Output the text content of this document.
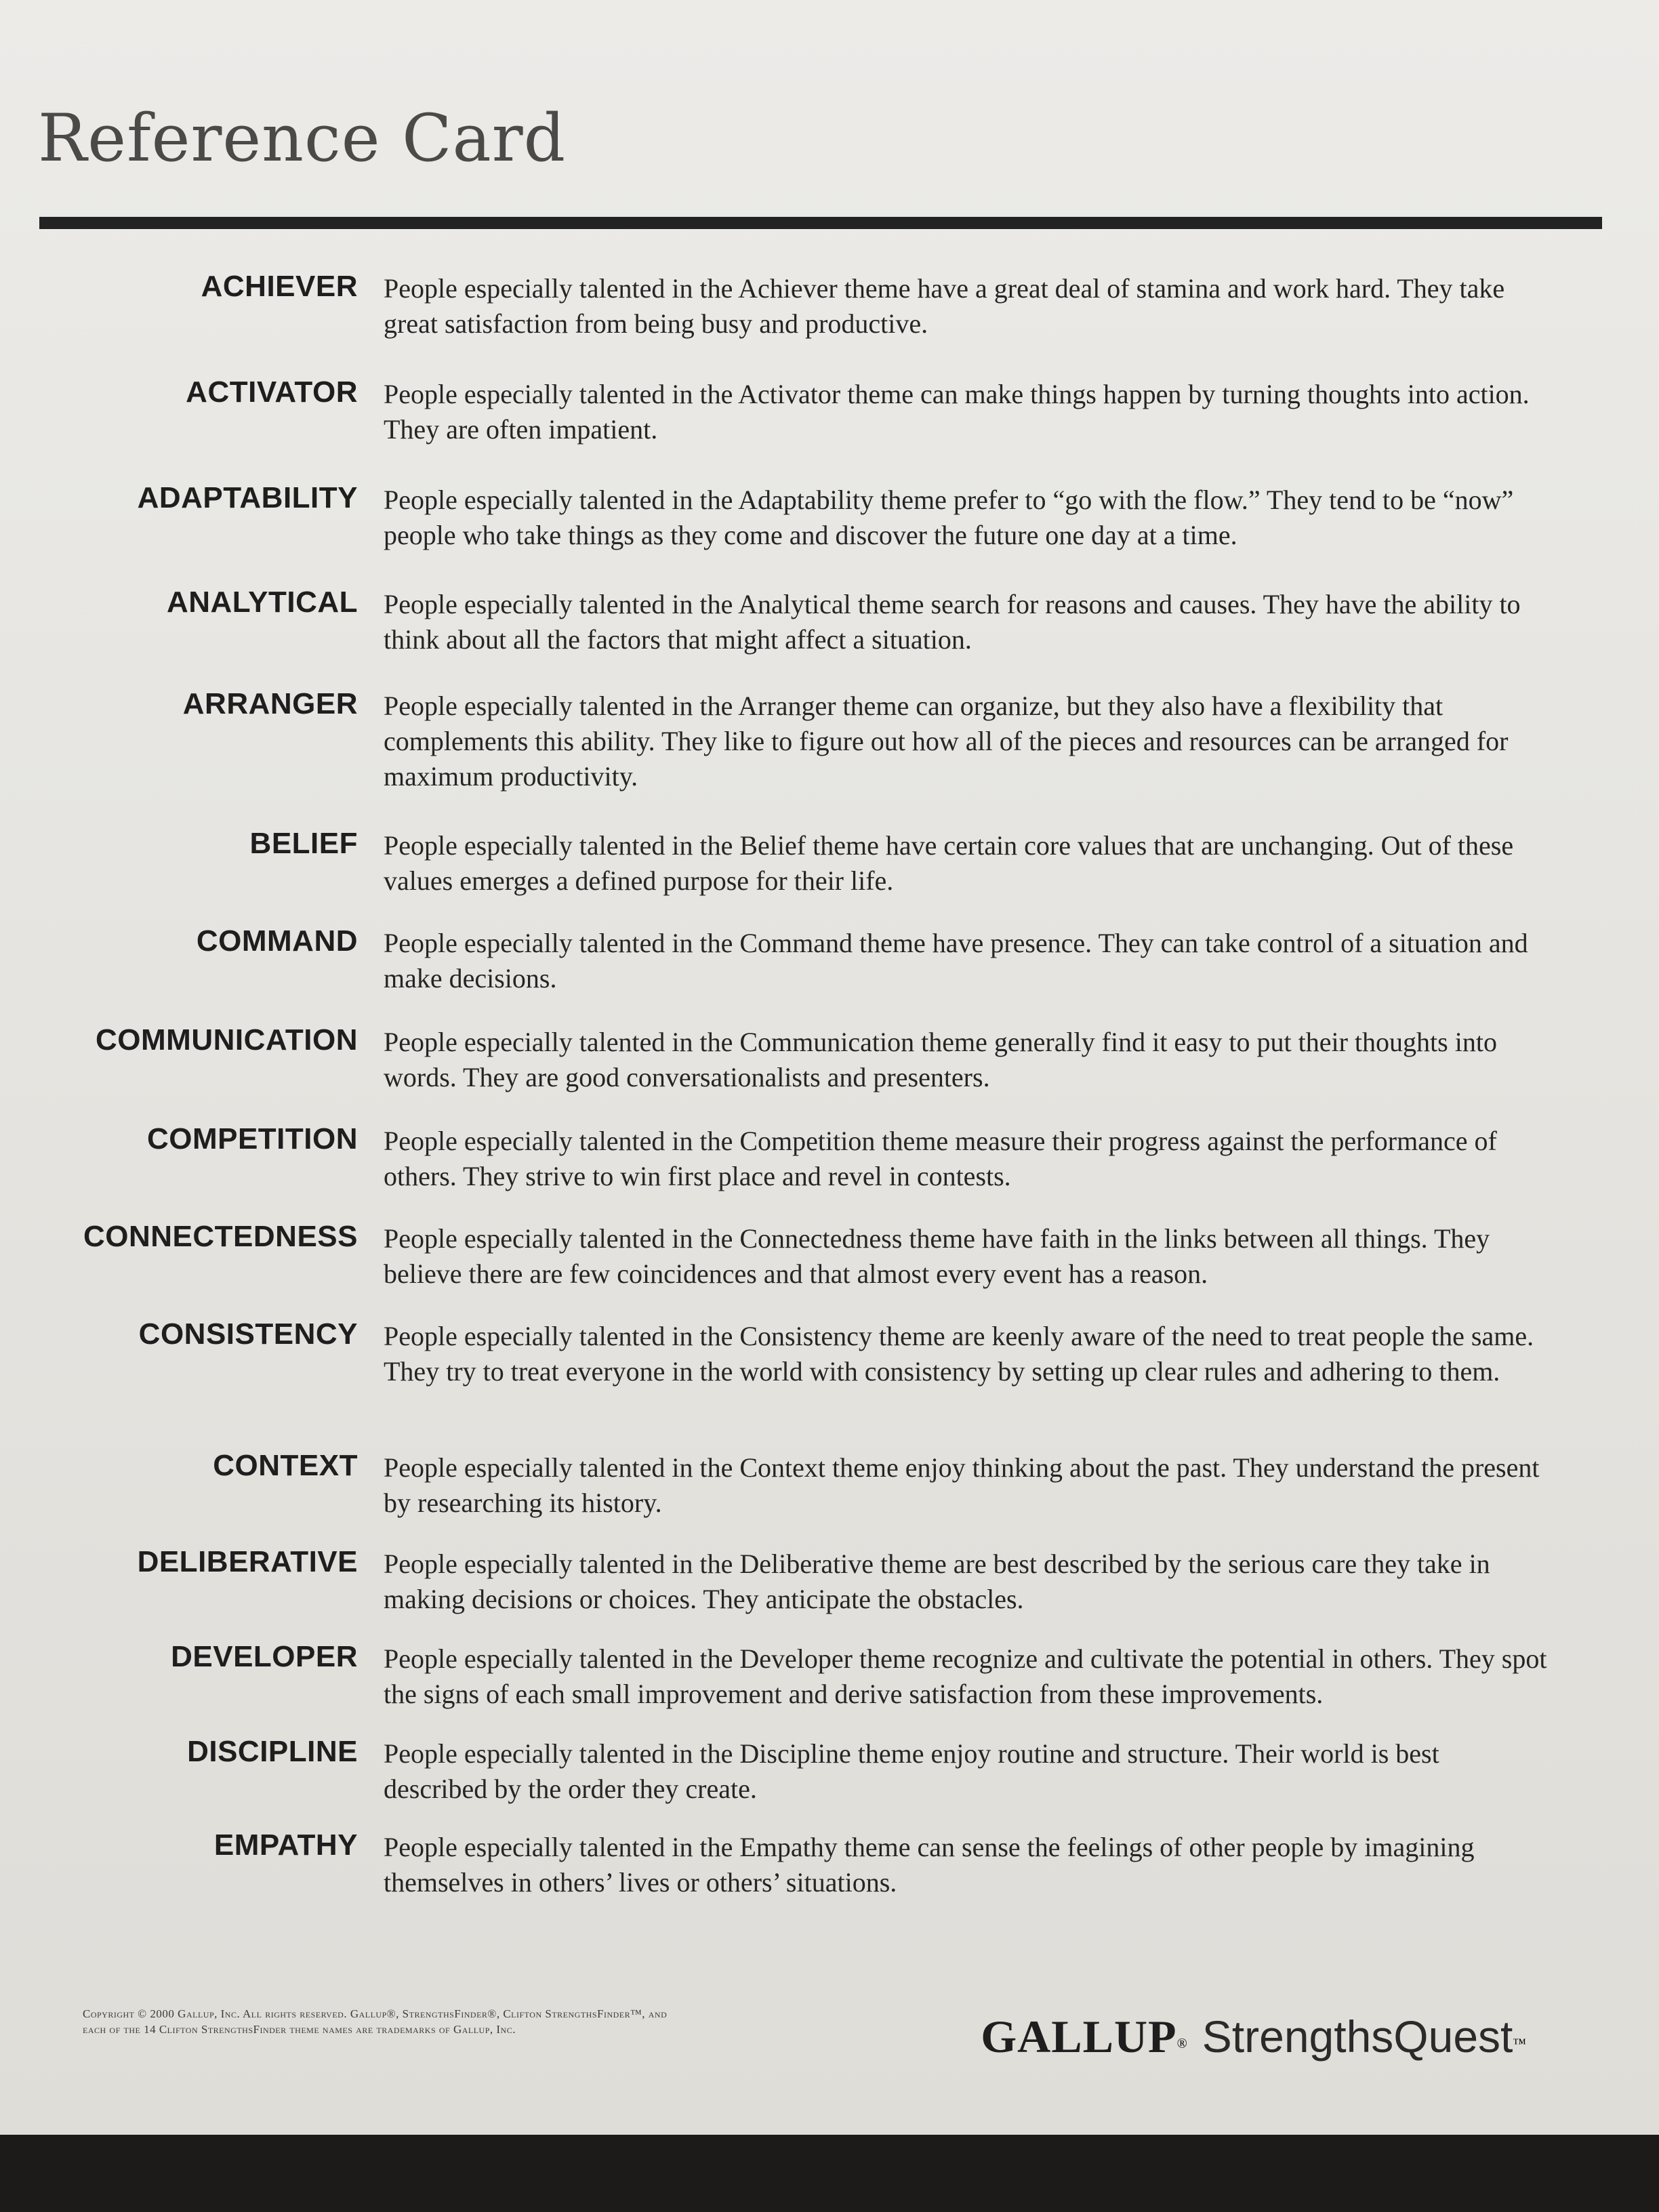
Reference Card
ACHIEVER People especially talented in the Achiever theme have a great deal of stamina and work hard. They take great satisfaction from being busy and productive.

ACTIVATOR People especially talented in the Activator theme can make things happen by turning thoughts into action. They are often impatient.

ADAPTABILITY People especially talented in the Adaptability theme prefer to “go with the flow.” They tend to be “now” people who take things as they come and discover the future one day at a time.

ANALYTICAL People especially talented in the Analytical theme search for reasons and causes. They have the ability to think about all the factors that might affect a situation.

ARRANGER People especially talented in the Arranger theme can organize, but they also have a flexibility that complements this ability. They like to figure out how all of the pieces and resources can be arranged for maximum productivity.

BELIEF People especially talented in the Belief theme have certain core values that are unchanging. Out of these values emerges a defined purpose for their life.

COMMAND People especially talented in the Command theme have presence. They can take control of a situation and make decisions.

COMMUNICATION People especially talented in the Communication theme generally find it easy to put their thoughts into words. They are good conversationalists and presenters.

COMPETITION People especially talented in the Competition theme measure their progress against the performance of others. They strive to win first place and revel in contests.

CONNECTEDNESS People especially talented in the Connectedness theme have faith in the links between all things. They believe there are few coincidences and that almost every event has a reason.

CONSISTENCY People especially talented in the Consistency theme are keenly aware of the need to treat people the same. They try to treat everyone in the world with consistency by setting up clear rules and adhering to them.

CONTEXT People especially talented in the Context theme enjoy thinking about the past. They understand the present by researching its history.

DELIBERATIVE People especially talented in the Deliberative theme are best described by the serious care they take in making decisions or choices. They anticipate the obstacles.

DEVELOPER People especially talented in the Developer theme recognize and cultivate the potential in others. They spot the signs of each small improvement and derive satisfaction from these improvements.

DISCIPLINE People especially talented in the Discipline theme enjoy routine and structure. Their world is best described by the order they create.

EMPATHY People especially talented in the Empathy theme can sense the feelings of other people by imagining themselves in others’ lives or others’ situations.

Copyright © 2000 Gallup, Inc. All rights reserved. Gallup®, StrengthsFinder®, Clifton StrengthsFinder™, and each of the 14 Clifton StrengthsFinder theme names are trademarks of Gallup, Inc.	GALLUP® StrengthsQuest™
